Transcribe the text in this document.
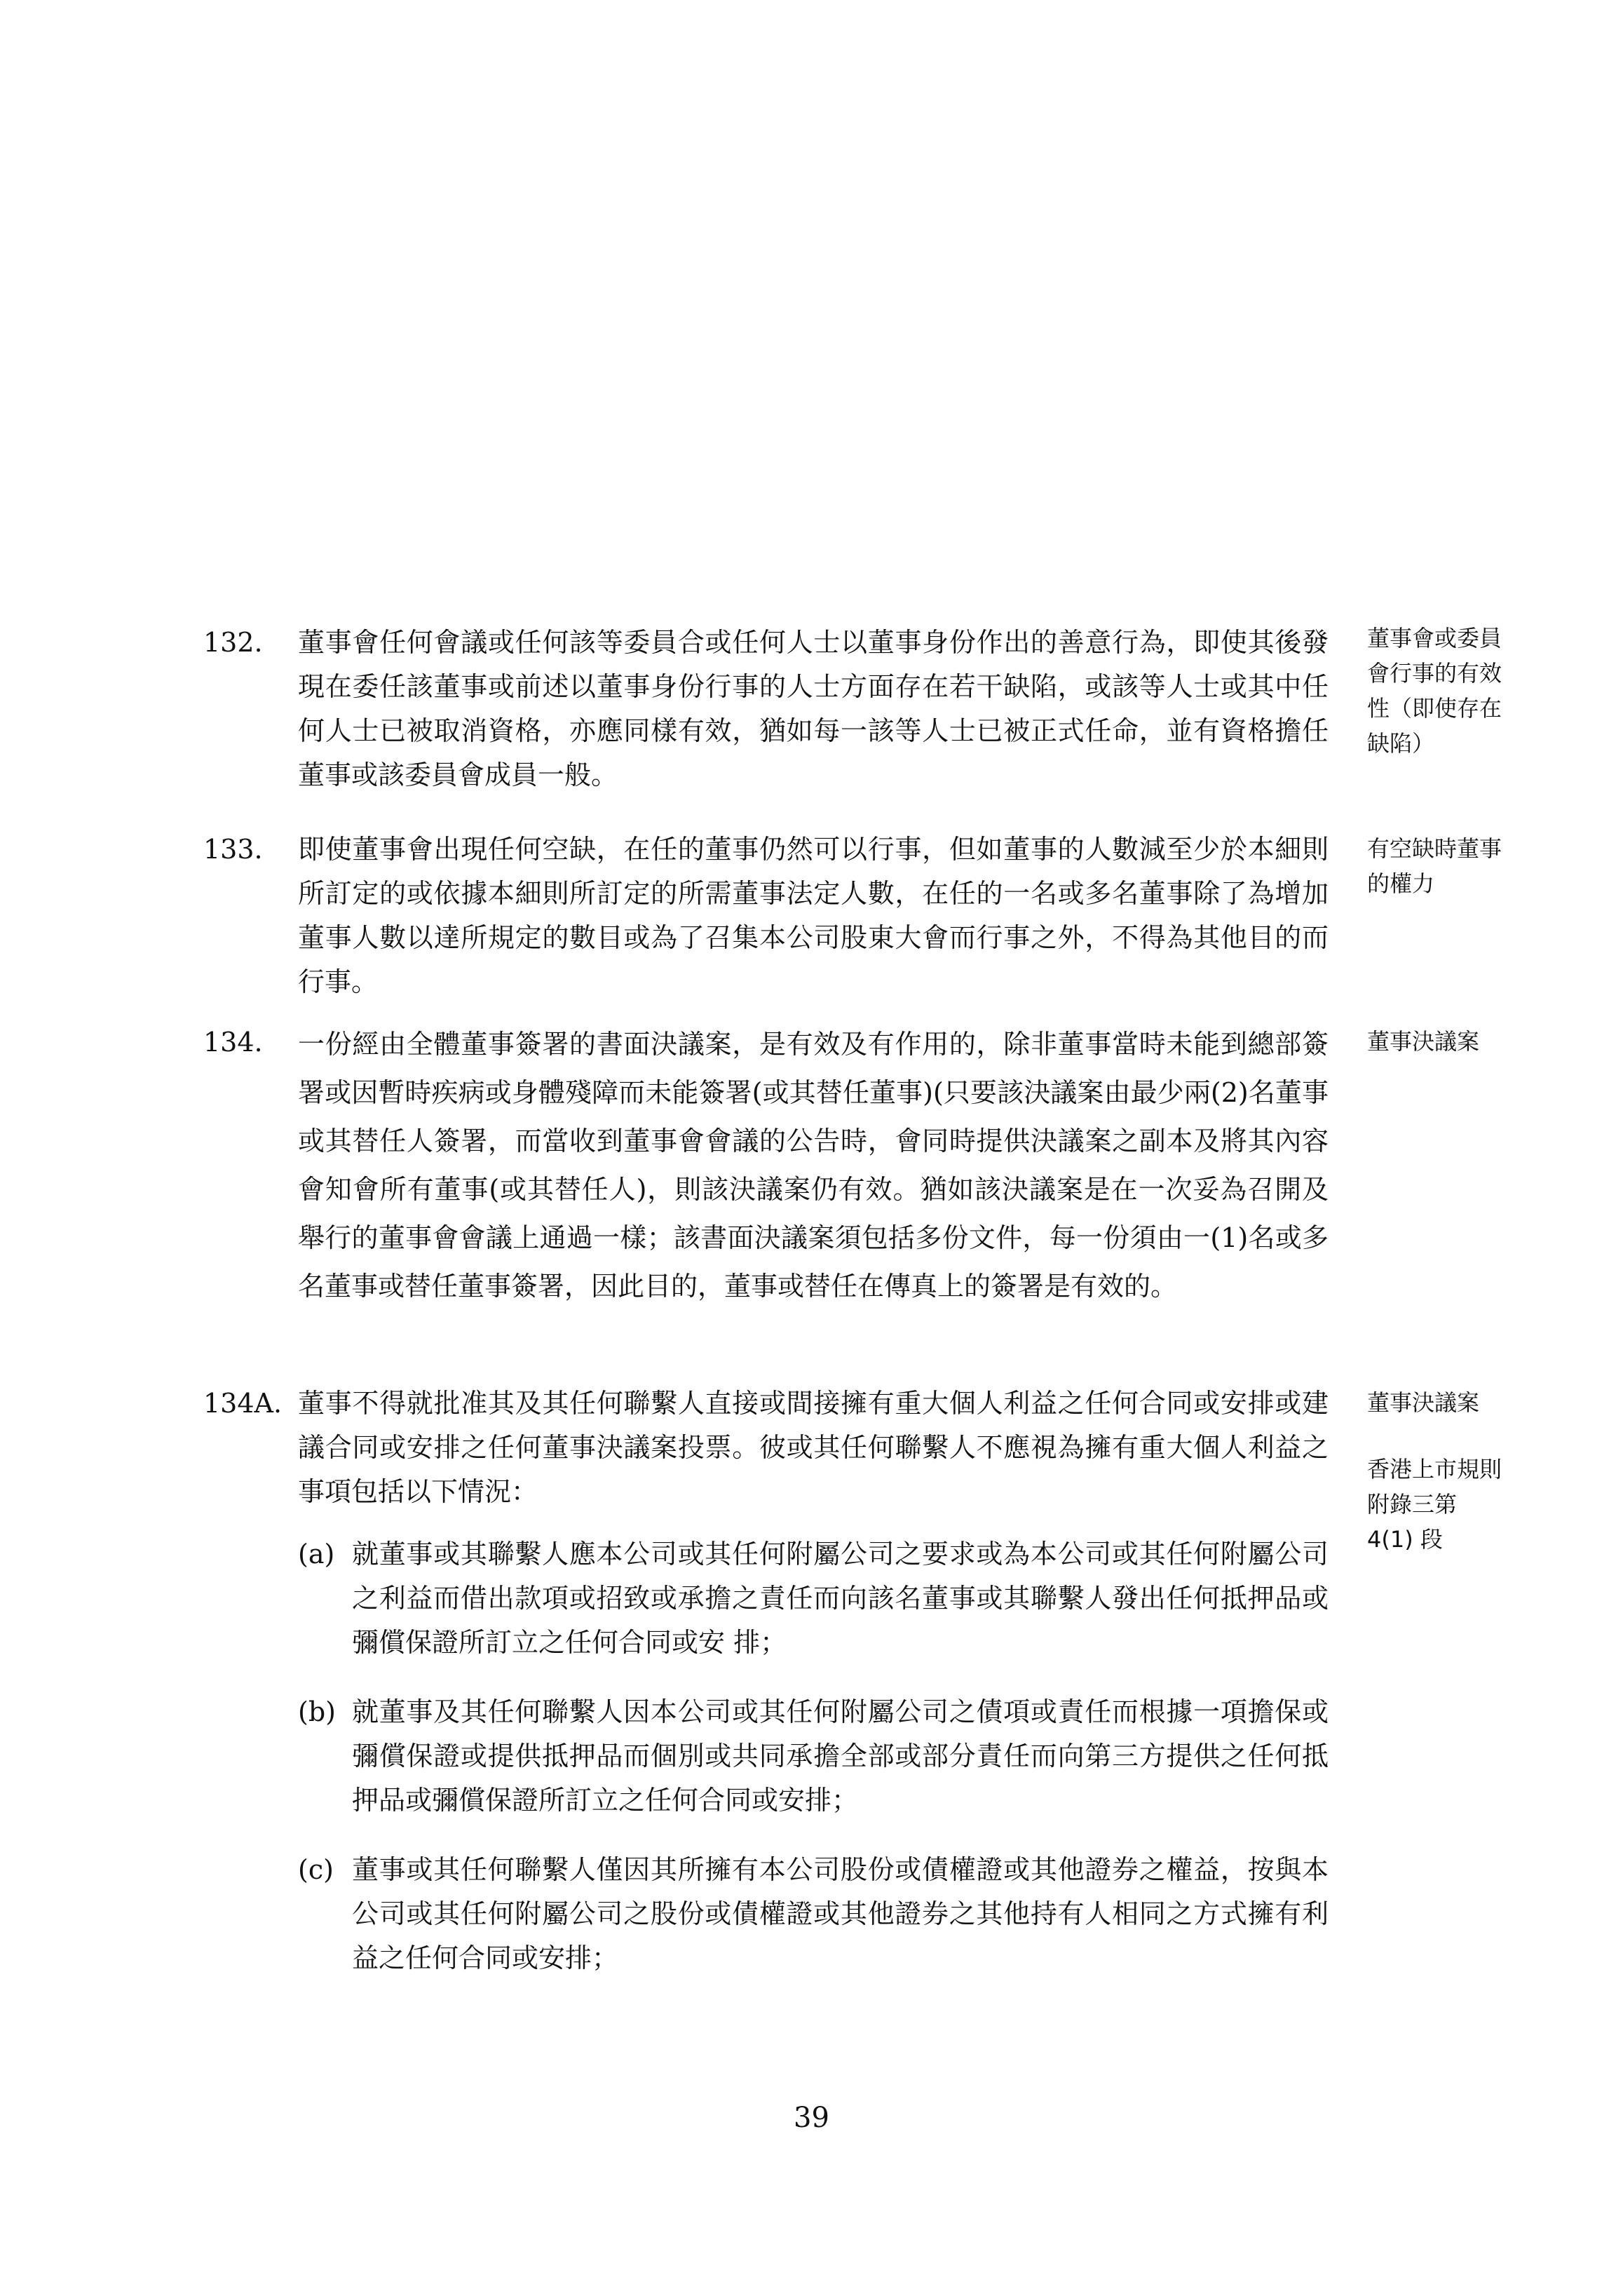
132.	董事會任何會議或任何該等委員合或任何人士以董事身份作出的善意行為，即使其後發現在委任該董事或前述以董事身份行事的人士方面存在若干缺陷，或該等人士或其中任何人士已被取消資格，亦應同樣有效，猶如每一該等人士已被正式任命，並有資格擔任董事或該委員會成員一般。
董事會或委員 會行事的有效 性（即使存在 缺陷）
133.	即使董事會出現任何空缺，在任的董事仍然可以行事，但如董事的人數減至少於本細則所訂定的或依據本細則所訂定的所需董事法定人數，在任的一名或多名董事除了為增加董事人數以達所規定的數目或為了召集本公司股東大會而行事之外，不得為其他目的而行事。
有空缺時董事 的權力
134.	一份經由全體董事簽署的書面決議案，是有效及有作用的，除非董事當時未能到總部簽署或因暫時疾病或身體殘障而未能簽署(或其替任董事)(只要該決議案由最少兩(2)名董事或其替任人簽署，而當收到董事會會議的公告時，會同時提供決議案之副本及將其內容會知會所有董事(或其替任人)，則該決議案仍有效。猶如該決議案是在一次妥為召開及舉行的董事會會議上通過一樣；該書面決議案須包括多份文件，每一份須由一(1)名或多名董事或替任董事簽署，因此目的，董事或替任在傳真上的簽署是有效的。
董事決議案
134A. 董事不得就批准其及其任何聯繫人直接或間接擁有重大個人利益之任何合同或安排或建議合同或安排之任何董事決議案投票。彼或其任何聯繫人不應視為擁有重大個人利益之事項包括以下情況：
董事決議案
香港上市規則 附錄三第 4(1) 段
(a) 就董事或其聯繫人應本公司或其任何附屬公司之要求或為本公司或其任何附屬公司之利益而借出款項或招致或承擔之責任而向該名董事或其聯繫人發出任何抵押品或彌償保證所訂立之任何合同或安 排；
(b) 就董事及其任何聯繫人因本公司或其任何附屬公司之債項或責任而根據一項擔保或彌償保證或提供抵押品而個別或共同承擔全部或部分責任而向第三方提供之任何抵押品或彌償保證所訂立之任何合同或安排；
(c) 董事或其任何聯繫人僅因其所擁有本公司股份或債權證或其他證券之權益，按與本公司或其任何附屬公司之股份或債權證或其他證券之其他持有人相同之方式擁有利益之任何合同或安排；
39
